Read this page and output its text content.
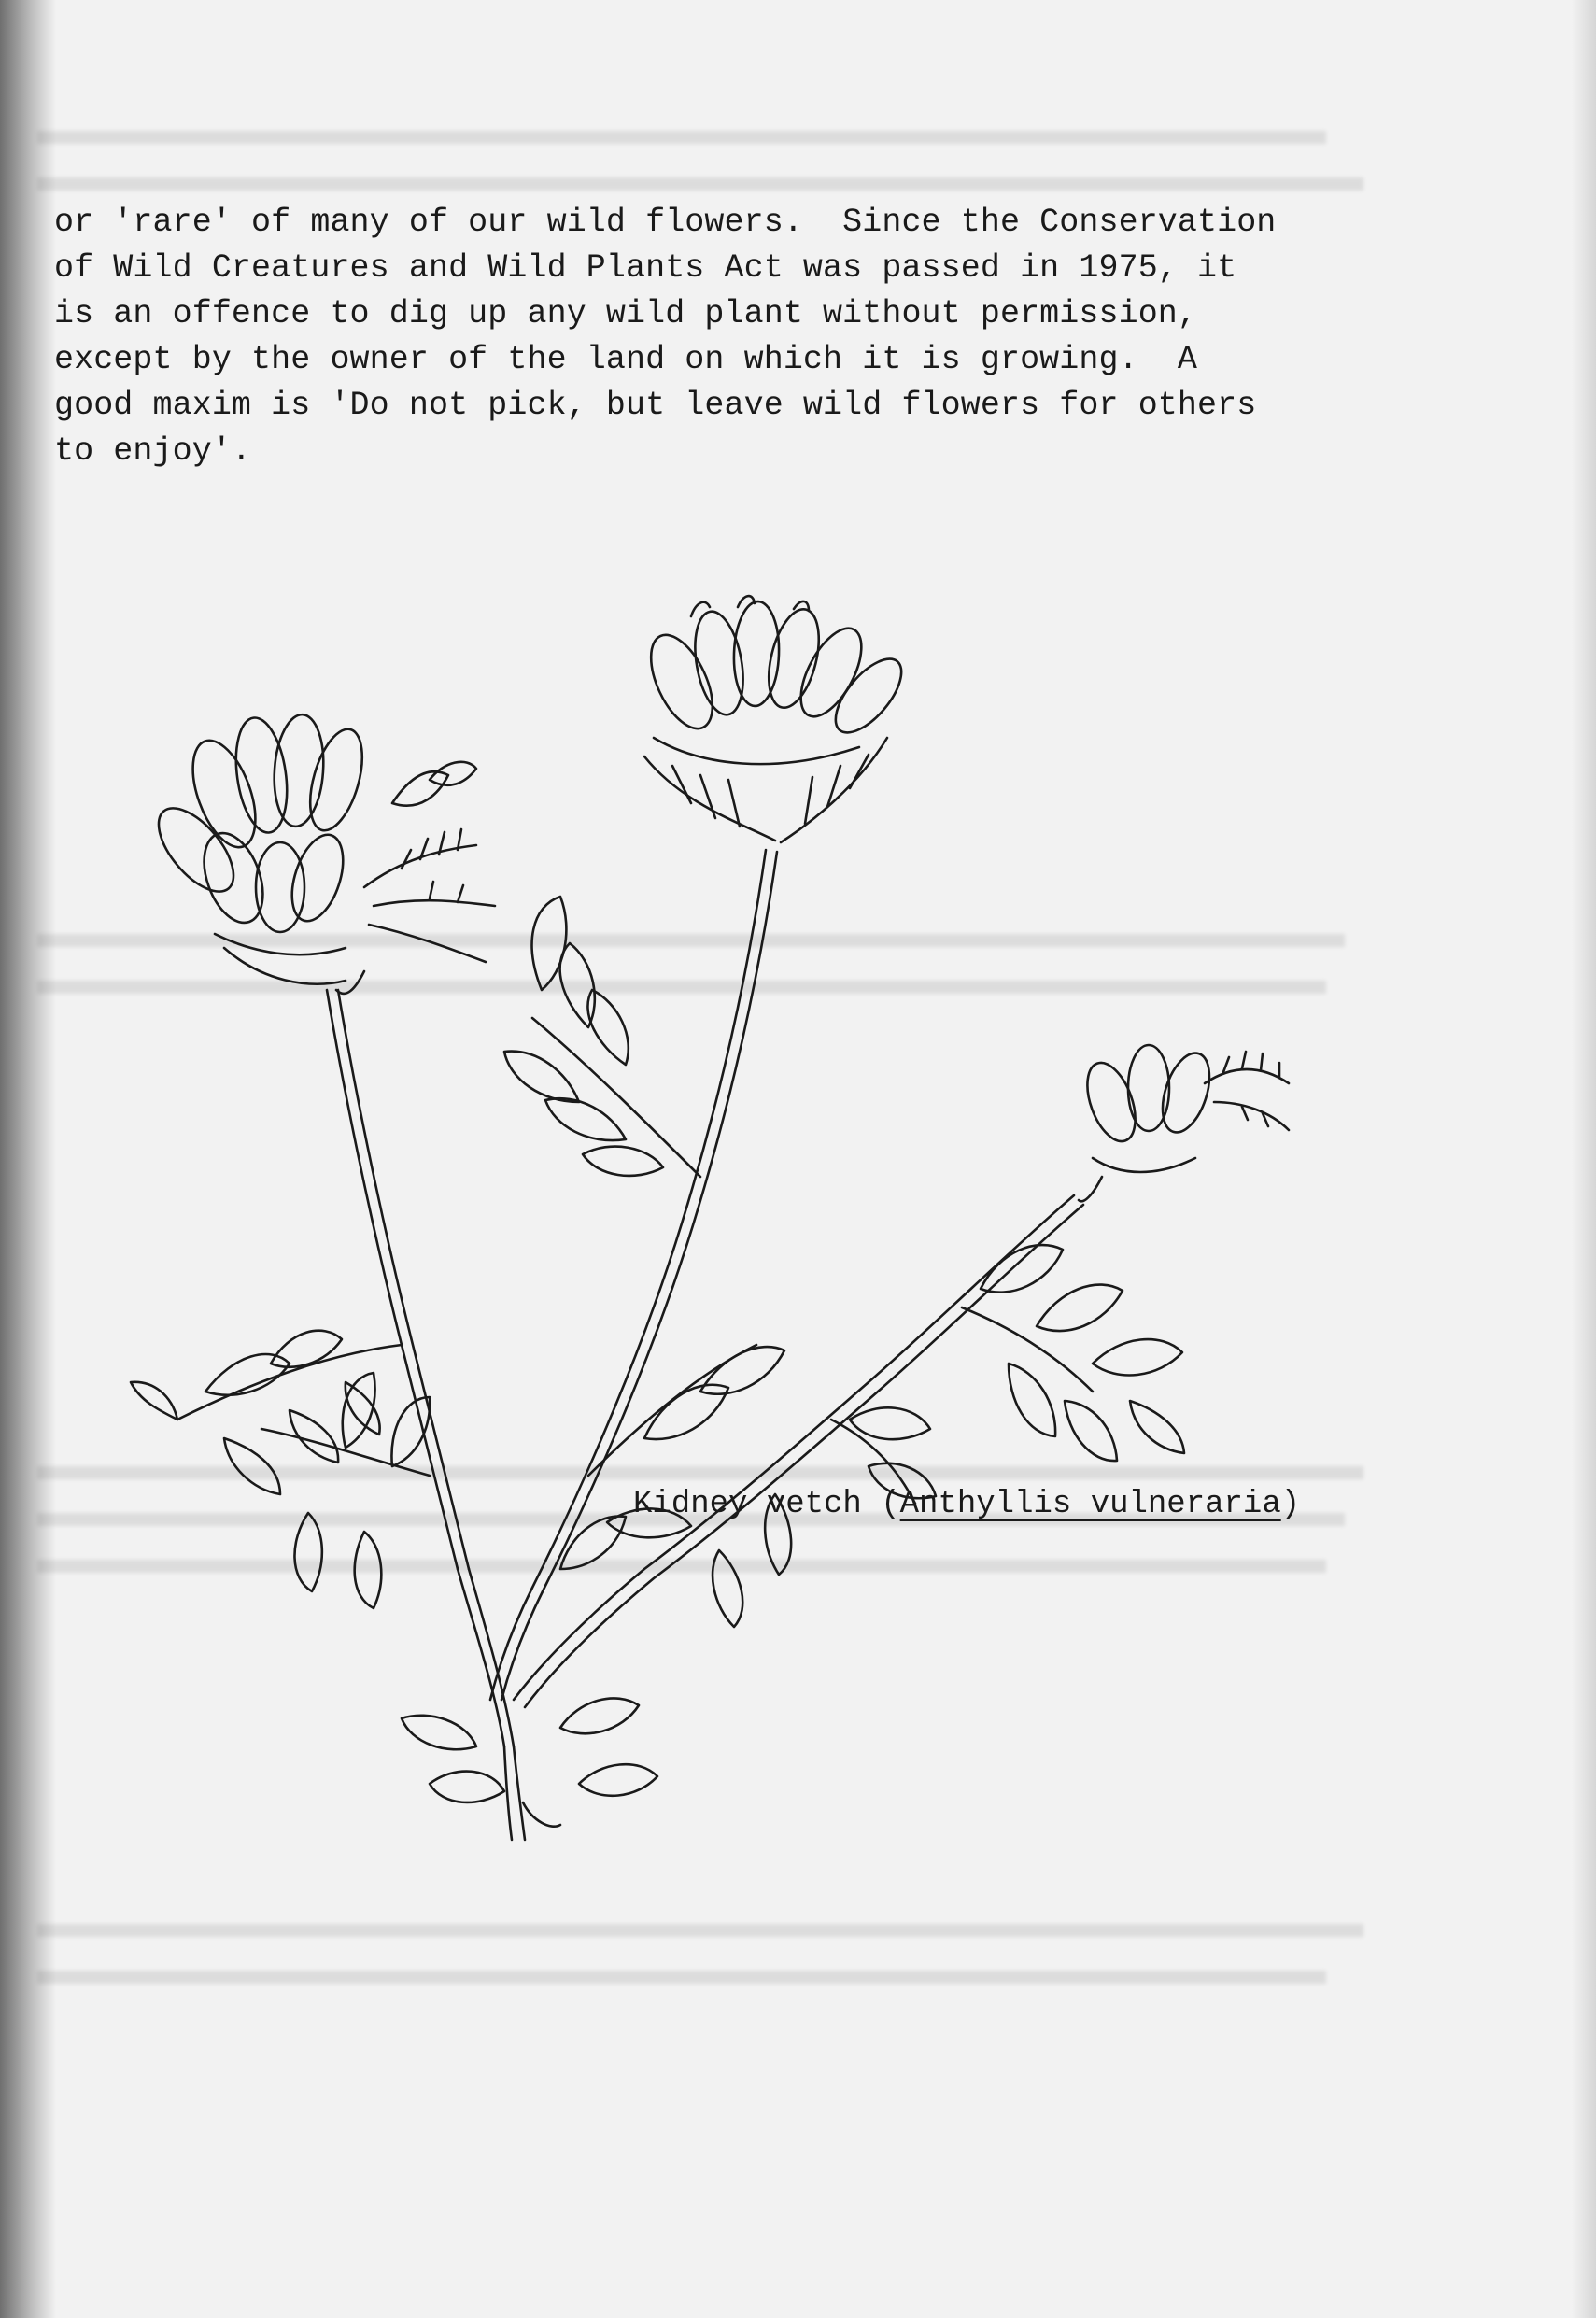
or 'rare' of many of our wild flowers.  Since the Conservation
of Wild Creatures and Wild Plants Act was passed in 1975, it
is an offence to dig up any wild plant without permission,
except by the owner of the land on which it is growing.  A
good maxim is 'Do not pick, but leave wild flowers for others
to enjoy'.

Kidney vetch (Anthyllis vulneraria)
